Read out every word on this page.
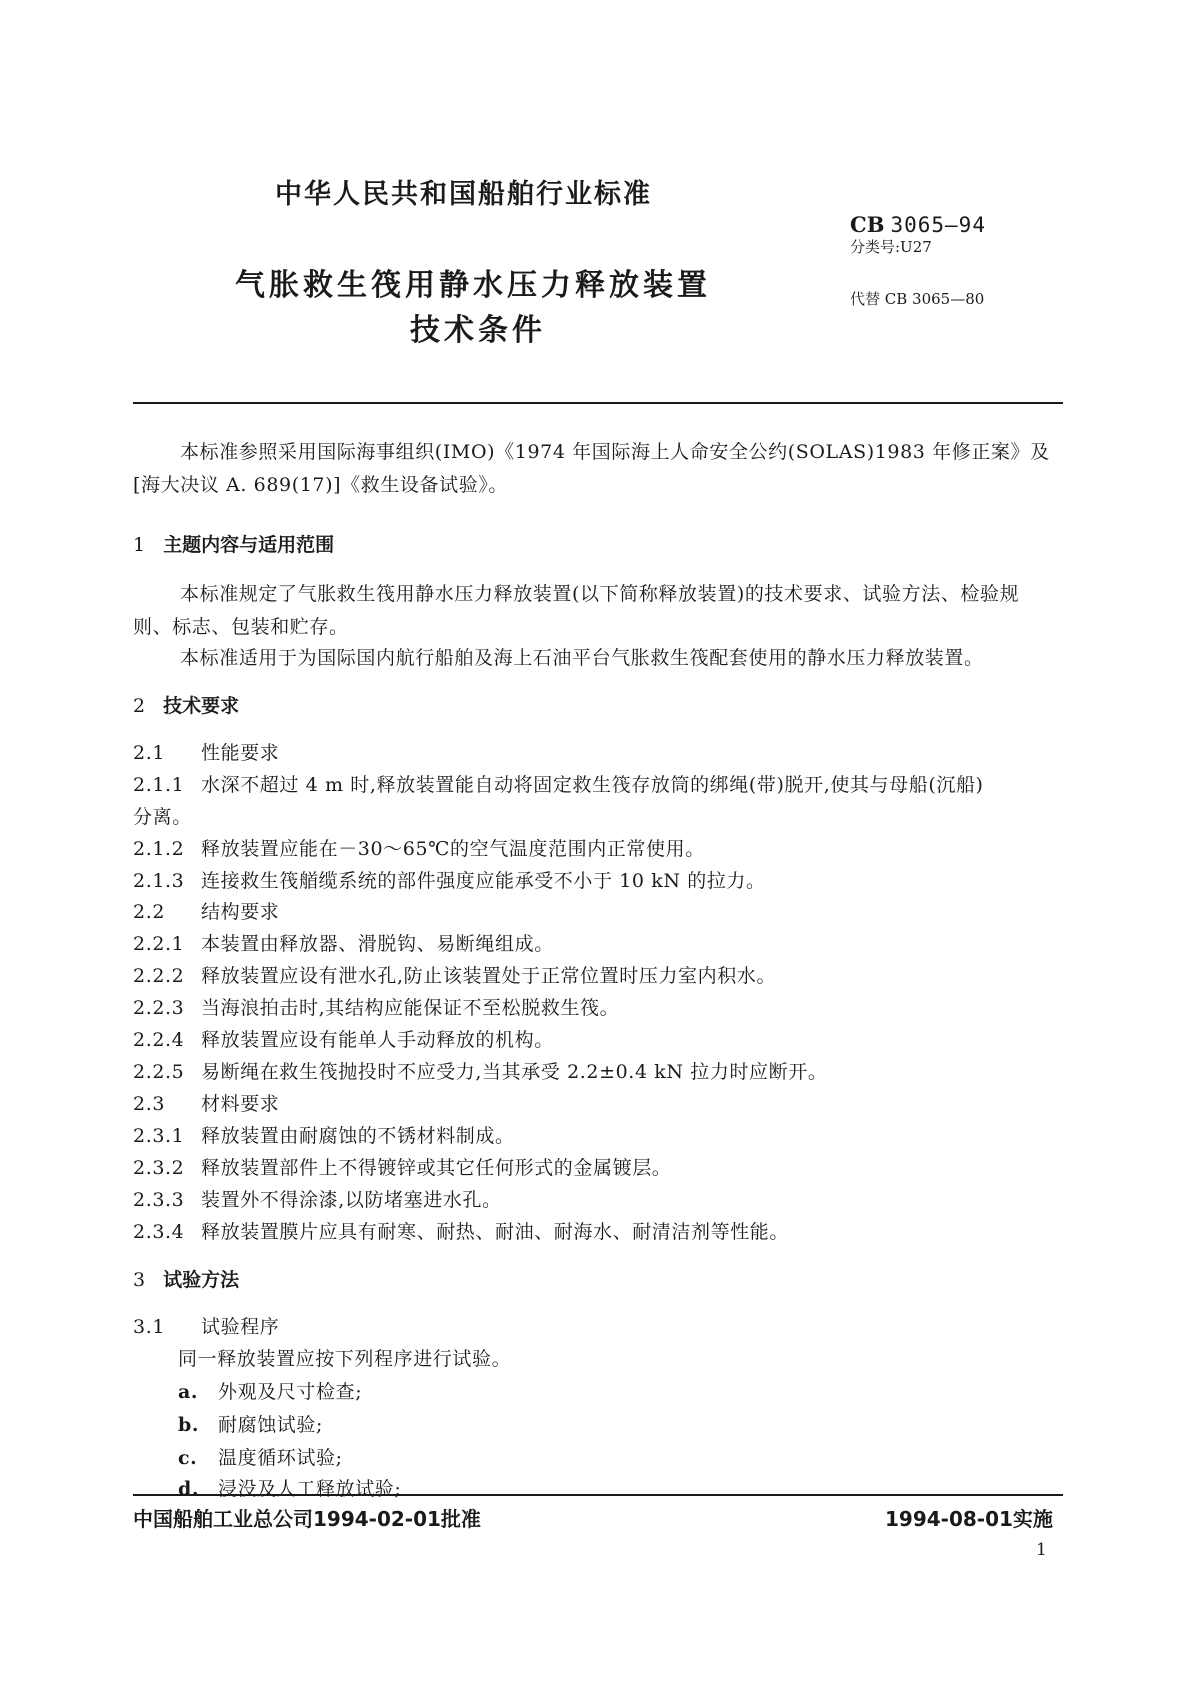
中华人民共和国船舶行业标准
气胀救生筏用静水压力释放装置
技术条件
CB 3065—94
分类号:U27
代替 CB 3065—80
本标准参照采用国际海事组织(IMO)《1974 年国际海上人命安全公约(SOLAS)1983 年修正案》及
[海大决议 A. 689(17)]《救生设备试验》。
1 主题内容与适用范围
本标准规定了气胀救生筏用静水压力释放装置(以下简称释放装置)的技术要求、试验方法、检验规
则、标志、包装和贮存。
本标准适用于为国际国内航行船舶及海上石油平台气胀救生筏配套使用的静水压力释放装置。
2 技术要求
2.1 性能要求
2.1.1 水深不超过 4 m 时,释放装置能自动将固定救生筏存放筒的绑绳(带)脱开,使其与母船(沉船)
分离。
2.1.2 释放装置应能在－30～65℃的空气温度范围内正常使用。
2.1.3 连接救生筏艏缆系统的部件强度应能承受不小于 10 kN 的拉力。
2.2 结构要求
2.2.1 本装置由释放器、滑脱钩、易断绳组成。
2.2.2 释放装置应设有泄水孔,防止该装置处于正常位置时压力室内积水。
2.2.3 当海浪拍击时,其结构应能保证不至松脱救生筏。
2.2.4 释放装置应设有能单人手动释放的机构。
2.2.5 易断绳在救生筏抛投时不应受力,当其承受 2.2±0.4 kN 拉力时应断开。
2.3 材料要求
2.3.1 释放装置由耐腐蚀的不锈材料制成。
2.3.2 释放装置部件上不得镀锌或其它任何形式的金属镀层。
2.3.3 装置外不得涂漆,以防堵塞进水孔。
2.3.4 释放装置膜片应具有耐寒、耐热、耐油、耐海水、耐清洁剂等性能。
3 试验方法
3.1 试验程序
同一释放装置应按下列程序进行试验。
a. 外观及尺寸检查;
b. 耐腐蚀试验;
c. 温度循环试验;
d. 浸没及人工释放试验;
中国船舶工业总公司1994-02-01批准	1994-08-01实施
1
